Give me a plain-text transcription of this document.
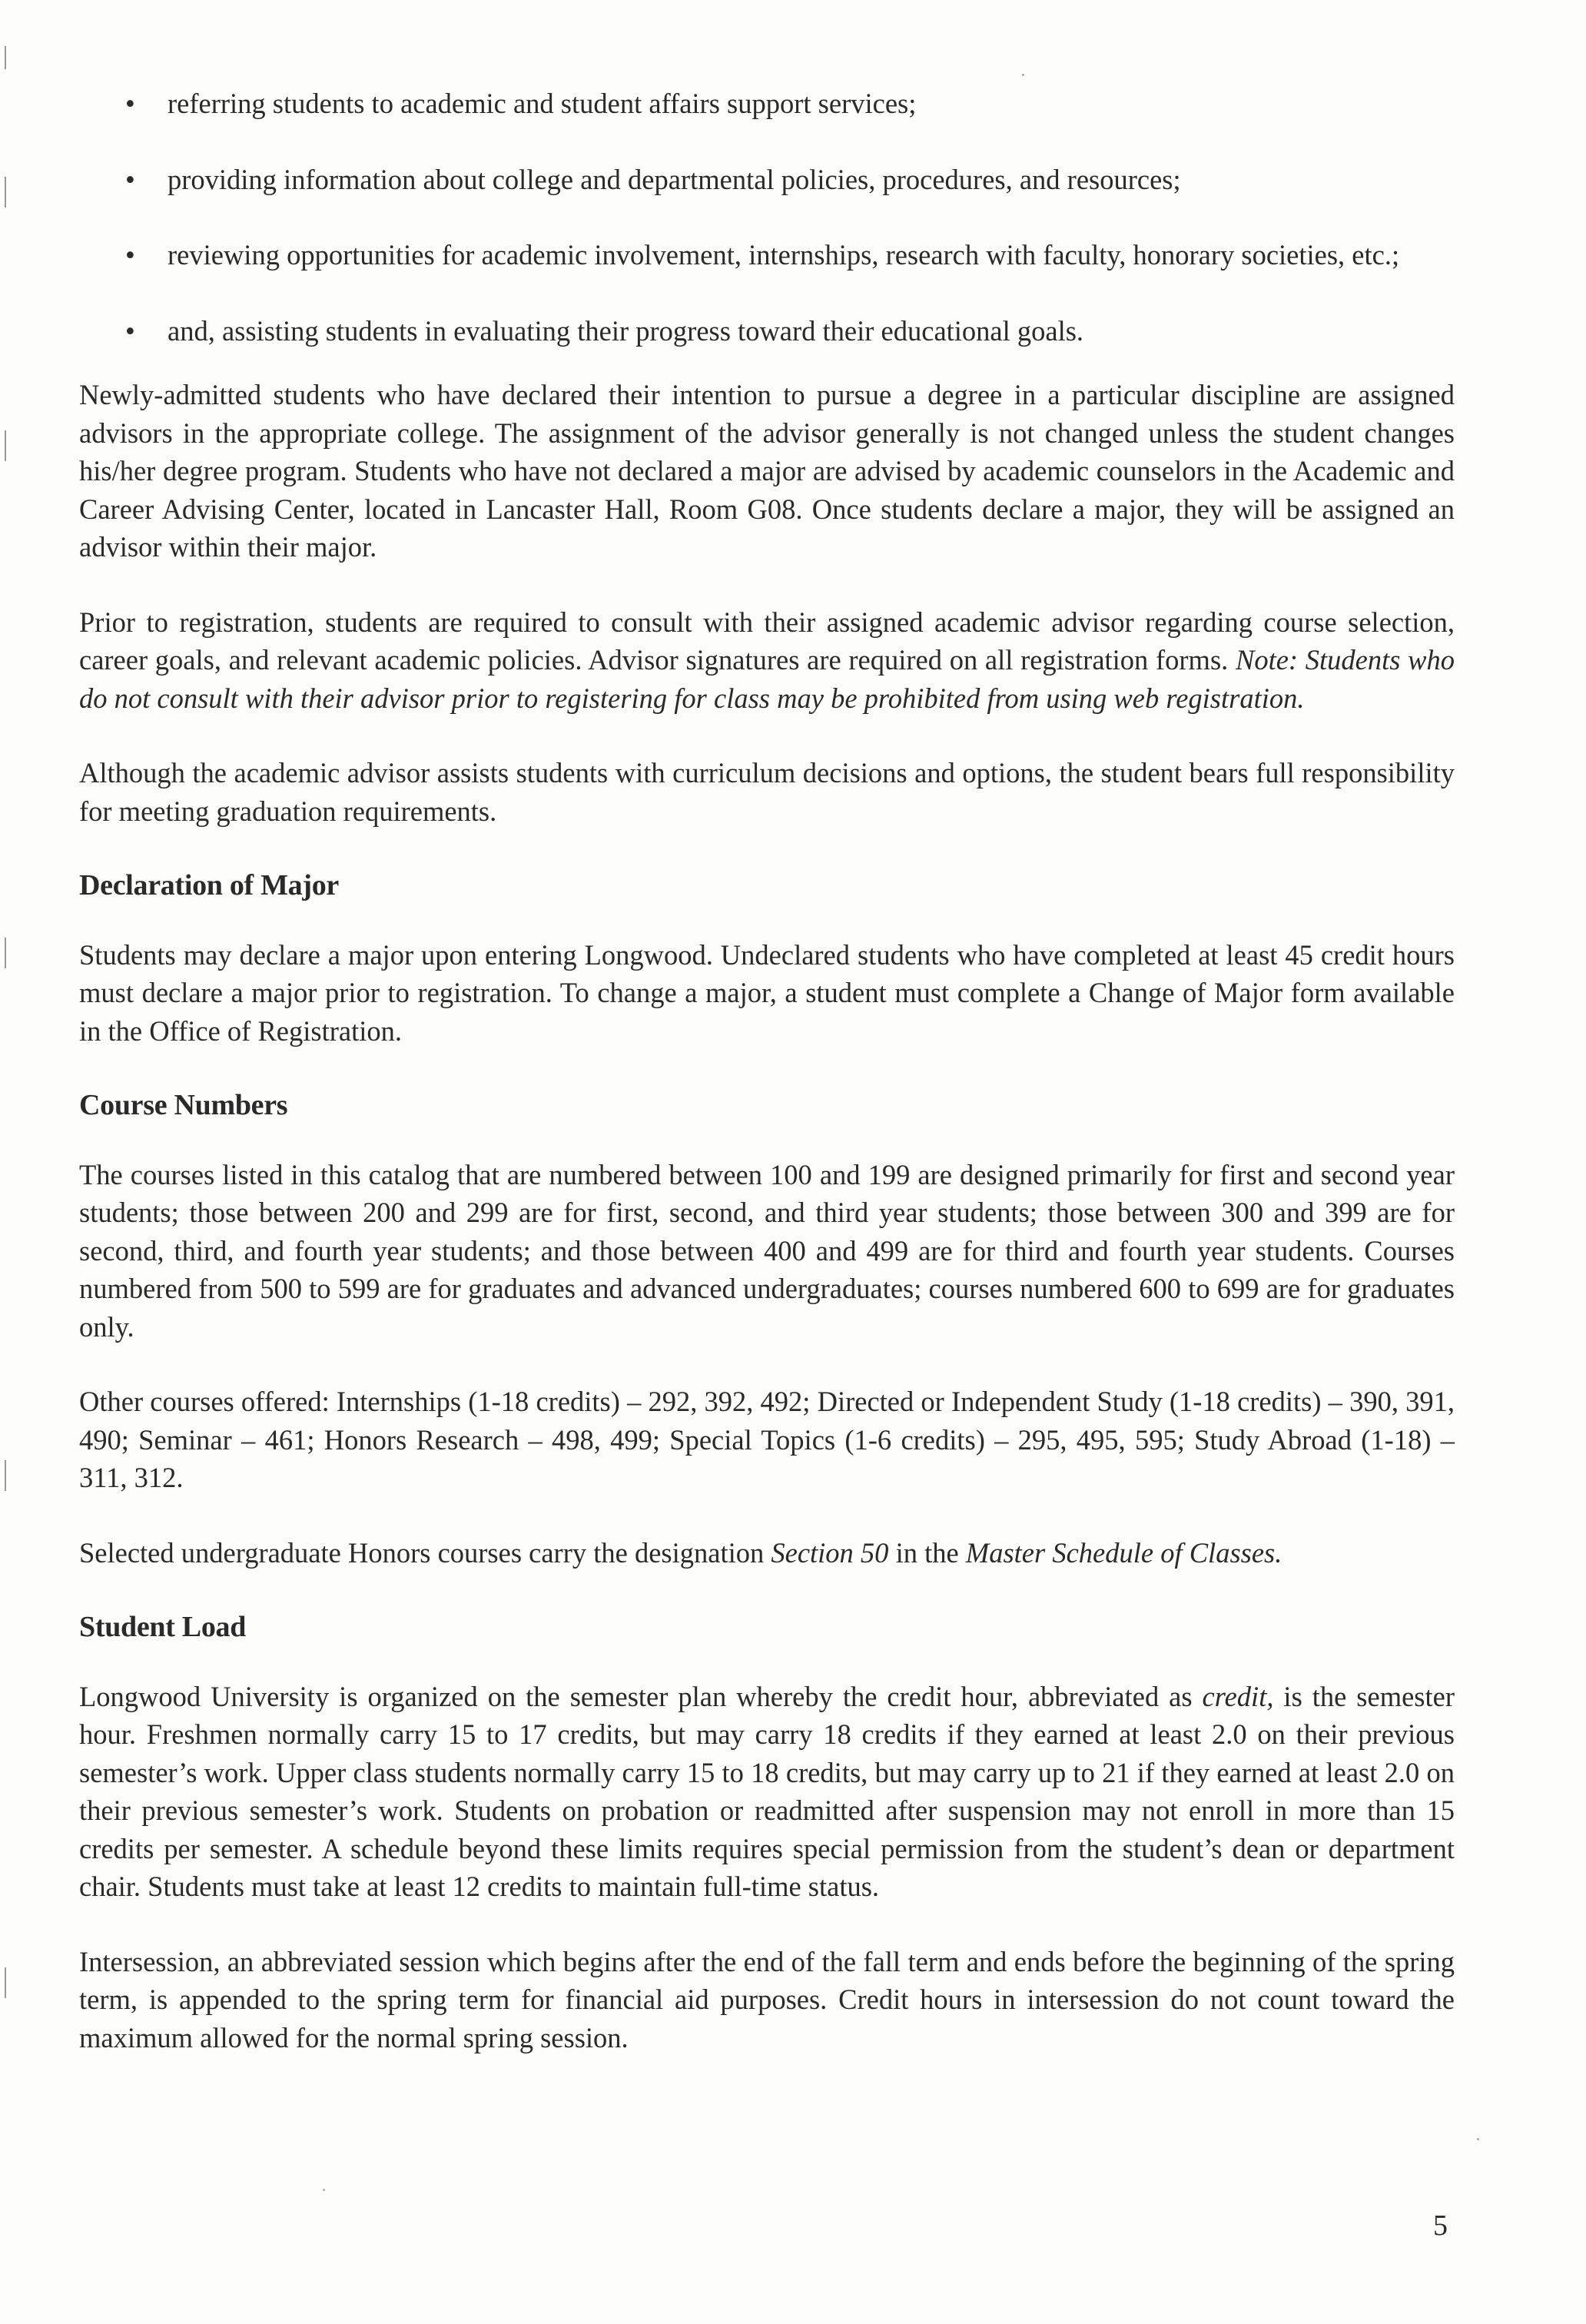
• referring students to academic and student affairs support services;
• providing information about college and departmental policies, procedures, and resources;
• reviewing opportunities for academic involvement, internships, research with faculty, honorary societies, etc.;
• and, assisting students in evaluating their progress toward their educational goals.

Newly-admitted students who have declared their intention to pursue a degree in a particular discipline are assigned advisors in the appropriate college. The assignment of the advisor generally is not changed unless the student changes his/her degree program. Students who have not declared a major are advised by academic counselors in the Academic and Career Advising Center, located in Lancaster Hall, Room G08. Once students declare a major, they will be assigned an advisor within their major.

Prior to registration, students are required to consult with their assigned academic advisor regarding course selection, career goals, and relevant academic policies. Advisor signatures are required on all registration forms. Note: Students who do not consult with their advisor prior to registering for class may be prohibited from using web registration.

Although the academic advisor assists students with curriculum decisions and options, the student bears full responsibility for meeting graduation requirements.

Declaration of Major

Students may declare a major upon entering Longwood. Undeclared students who have completed at least 45 credit hours must declare a major prior to registration. To change a major, a student must complete a Change of Major form available in the Office of Registration.

Course Numbers

The courses listed in this catalog that are numbered between 100 and 199 are designed primarily for first and second year students; those between 200 and 299 are for first, second, and third year students; those between 300 and 399 are for second, third, and fourth year students; and those between 400 and 499 are for third and fourth year students. Courses numbered from 500 to 599 are for graduates and advanced undergraduates; courses numbered 600 to 699 are for graduates only.

Other courses offered: Internships (1-18 credits) – 292, 392, 492; Directed or Independent Study (1-18 credits) – 390, 391, 490; Seminar – 461; Honors Research – 498, 499; Special Topics (1-6 credits) – 295, 495, 595; Study Abroad (1-18) – 311, 312.

Selected undergraduate Honors courses carry the designation Section 50 in the Master Schedule of Classes.

Student Load

Longwood University is organized on the semester plan whereby the credit hour, abbreviated as credit, is the semester hour. Freshmen normally carry 15 to 17 credits, but may carry 18 credits if they earned at least 2.0 on their previous semester’s work. Upper class students normally carry 15 to 18 credits, but may carry up to 21 if they earned at least 2.0 on their previous semester’s work. Students on probation or readmitted after suspension may not enroll in more than 15 credits per semester. A schedule beyond these limits requires special permission from the student’s dean or department chair. Students must take at least 12 credits to maintain full-time status.

Intersession, an abbreviated session which begins after the end of the fall term and ends before the beginning of the spring term, is appended to the spring term for financial aid purposes. Credit hours in intersession do not count toward the maximum allowed for the normal spring session.

5
